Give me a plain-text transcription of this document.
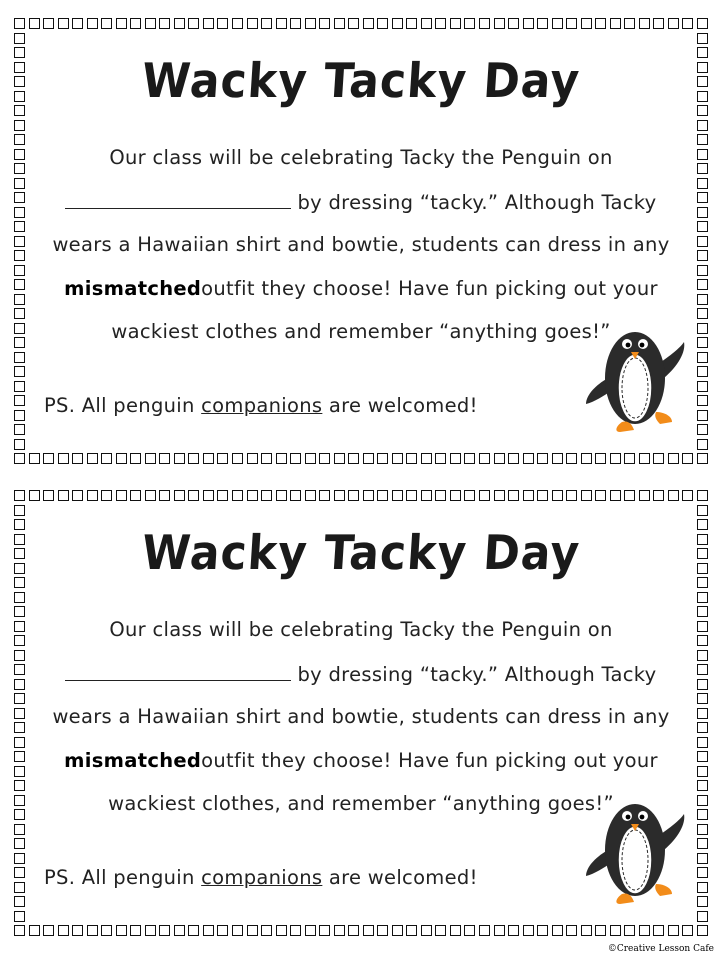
Wacky Tacky Day
Our class will be celebrating Tacky the Penguin on
by dressing “tacky.” Although Tacky
wears a Hawaiian shirt and bowtie, students can dress in any
mismatchedoutfit they choose! Have fun picking out your
wackiest clothes and remember “anything goes!”
PS. All penguin companions are welcomed!
Wacky Tacky Day
Our class will be celebrating Tacky the Penguin on
by dressing “tacky.” Although Tacky
wears a Hawaiian shirt and bowtie, students can dress in any
mismatchedoutfit they choose! Have fun picking out your
wackiest clothes, and remember “anything goes!”
PS. All penguin companions are welcomed!
©Creative Lesson Cafe
